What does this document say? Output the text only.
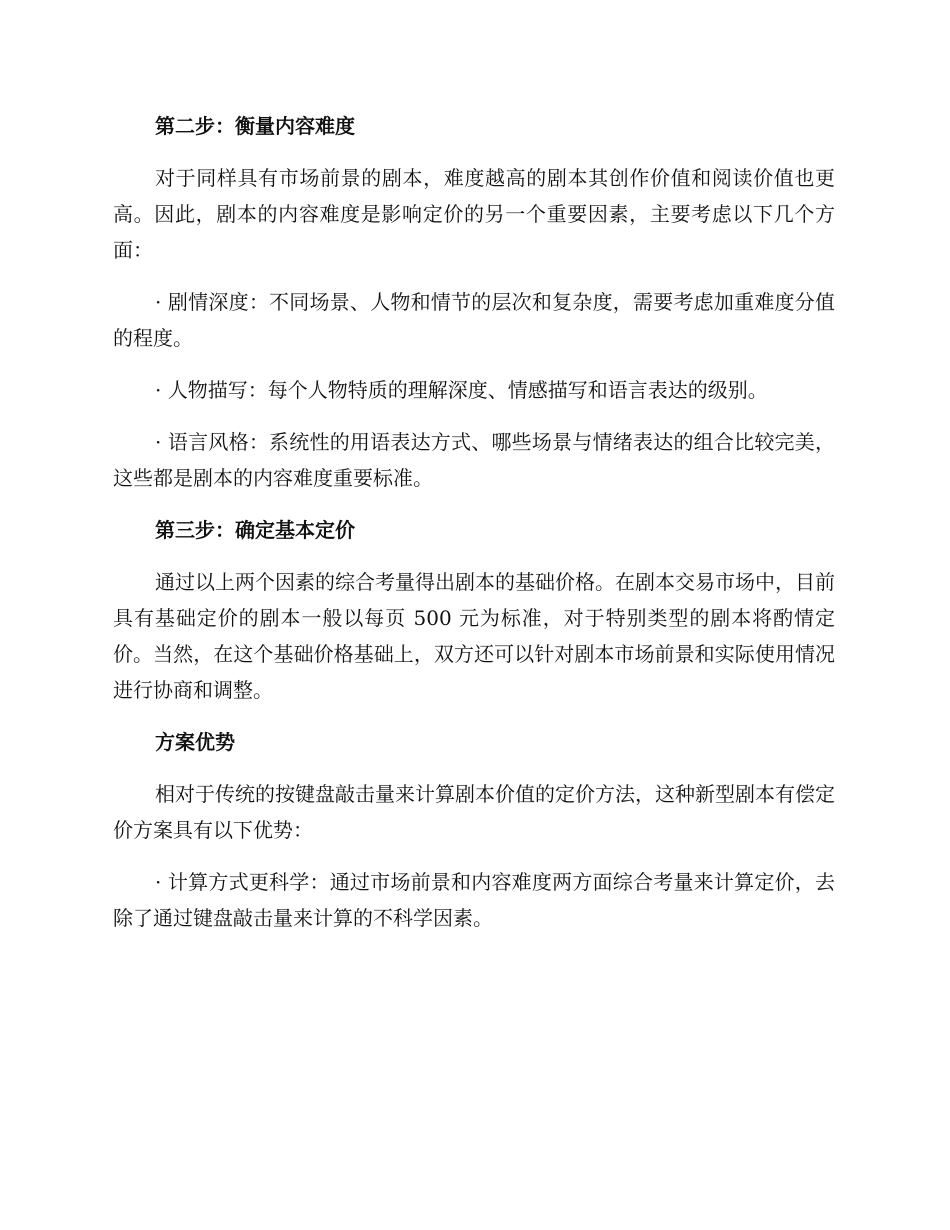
第二步：衡量内容难度
对于同样具有市场前景的剧本，难度越高的剧本其创作价值和阅读价值也更高。因此，剧本的内容难度是影响定价的另一个重要因素，主要考虑以下几个方面：
· 剧情深度：不同场景、人物和情节的层次和复杂度，需要考虑加重难度分值的程度。
· 人物描写：每个人物特质的理解深度、情感描写和语言表达的级别。
· 语言风格：系统性的用语表达方式、哪些场景与情绪表达的组合比较完美，这些都是剧本的内容难度重要标准。
第三步：确定基本定价
通过以上两个因素的综合考量得出剧本的基础价格。在剧本交易市场中，目前具有基础定价的剧本一般以每页 500 元为标准，对于特别类型的剧本将酌情定价。当然，在这个基础价格基础上，双方还可以针对剧本市场前景和实际使用情况进行协商和调整。
方案优势
相对于传统的按键盘敲击量来计算剧本价值的定价方法，这种新型剧本有偿定价方案具有以下优势：
· 计算方式更科学：通过市场前景和内容难度两方面综合考量来计算定价，去除了通过键盘敲击量来计算的不科学因素。
